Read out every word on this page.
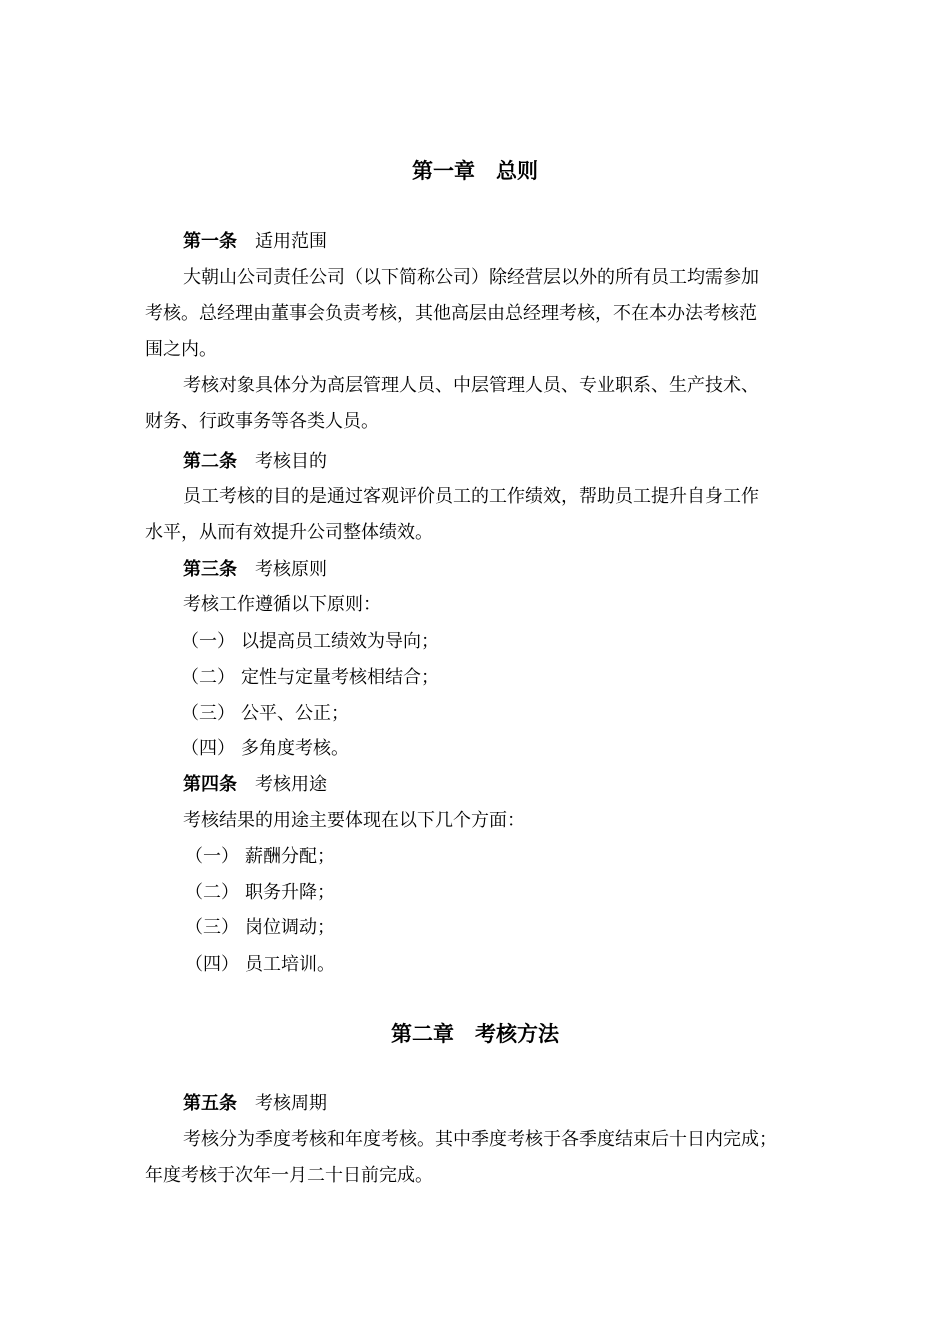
第一章　总则
第一条 适用范围
大朝山公司责任公司（以下简称公司）除经营层以外的所有员工均需参加
考核。总经理由董事会负责考核，其他高层由总经理考核，不在本办法考核范
围之内。
考核对象具体分为高层管理人员、中层管理人员、专业职系、生产技术、
财务、行政事务等各类人员。
第二条 考核目的
员工考核的目的是通过客观评价员工的工作绩效，帮助员工提升自身工作
水平，从而有效提升公司整体绩效。
第三条 考核原则
考核工作遵循以下原则：
（一） 以提高员工绩效为导向；
（二） 定性与定量考核相结合；
（三） 公平、公正；
（四） 多角度考核。
第四条 考核用途
考核结果的用途主要体现在以下几个方面：
（一） 薪酬分配；
（二） 职务升降；
（三） 岗位调动；
（四） 员工培训。
第二章　考核方法
第五条 考核周期
考核分为季度考核和年度考核。其中季度考核于各季度结束后十日内完成；
年度考核于次年一月二十日前完成。
